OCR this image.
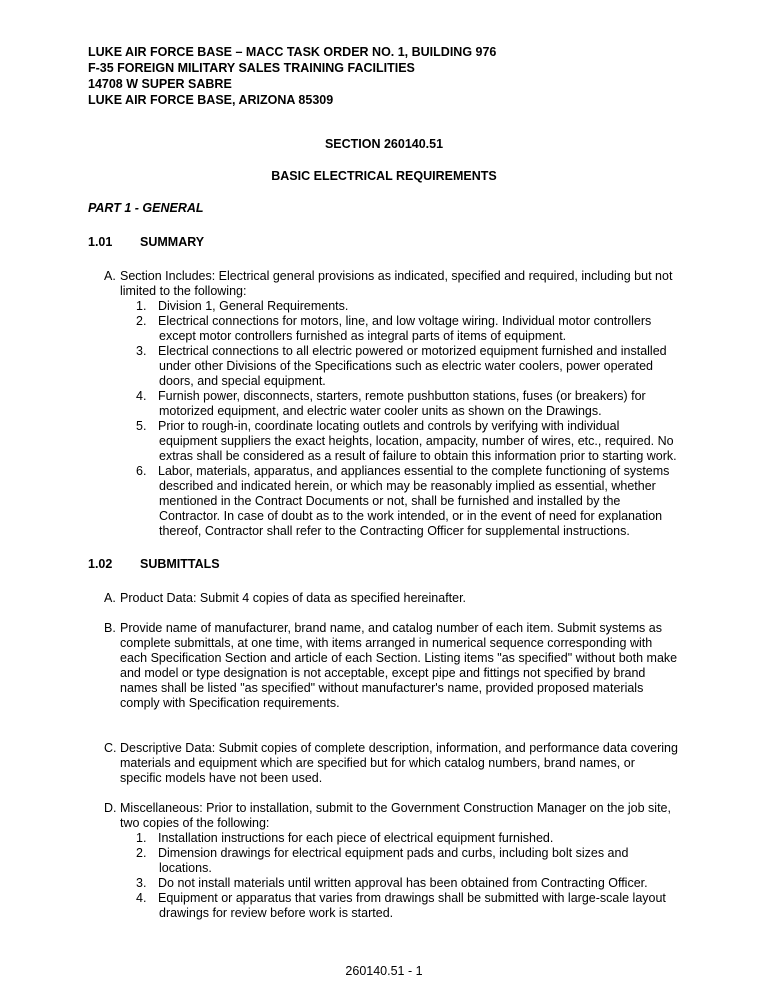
LUKE AIR FORCE BASE – MACC TASK ORDER NO. 1, BUILDING 976
F-35 FOREIGN MILITARY SALES TRAINING FACILITIES
14708 W SUPER SABRE
LUKE AIR FORCE BASE, ARIZONA 85309
SECTION 260140.51
BASIC ELECTRICAL REQUIREMENTS
PART 1 - GENERAL
1.01 SUMMARY
A. Section Includes: Electrical general provisions as indicated, specified and required, including but not limited to the following:
1. Division 1, General Requirements.
2. Electrical connections for motors, line, and low voltage wiring. Individual motor controllers except motor controllers furnished as integral parts of items of equipment.
3. Electrical connections to all electric powered or motorized equipment furnished and installed under other Divisions of the Specifications such as electric water coolers, power operated doors, and special equipment.
4. Furnish power, disconnects, starters, remote pushbutton stations, fuses (or breakers) for motorized equipment, and electric water cooler units as shown on the Drawings.
5. Prior to rough-in, coordinate locating outlets and controls by verifying with individual equipment suppliers the exact heights, location, ampacity, number of wires, etc., required. No extras shall be considered as a result of failure to obtain this information prior to starting work.
6. Labor, materials, apparatus, and appliances essential to the complete functioning of systems described and indicated herein, or which may be reasonably implied as essential, whether mentioned in the Contract Documents or not, shall be furnished and installed by the Contractor. In case of doubt as to the work intended, or in the event of need for explanation thereof, Contractor shall refer to the Contracting Officer for supplemental instructions.
1.02 SUBMITTALS
A. Product Data: Submit 4 copies of data as specified hereinafter.
B. Provide name of manufacturer, brand name, and catalog number of each item. Submit systems as complete submittals, at one time, with items arranged in numerical sequence corresponding with each Specification Section and article of each Section. Listing items "as specified" without both make and model or type designation is not acceptable, except pipe and fittings not specified by brand names shall be listed "as specified" without manufacturer's name, provided proposed materials comply with Specification requirements.
C. Descriptive Data: Submit copies of complete description, information, and performance data covering materials and equipment which are specified but for which catalog numbers, brand names, or specific models have not been used.
D. Miscellaneous: Prior to installation, submit to the Government Construction Manager on the job site, two copies of the following:
1. Installation instructions for each piece of electrical equipment furnished.
2. Dimension drawings for electrical equipment pads and curbs, including bolt sizes and locations.
3. Do not install materials until written approval has been obtained from Contracting Officer.
4. Equipment or apparatus that varies from drawings shall be submitted with large-scale layout drawings for review before work is started.
260140.51 - 1
